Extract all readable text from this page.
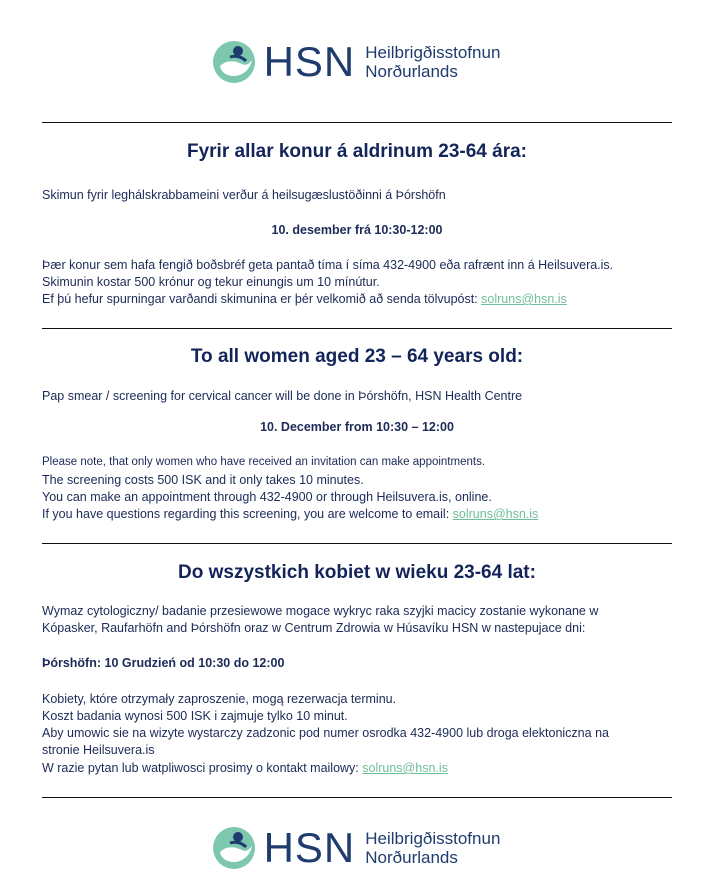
HSN Heilbrigðisstofnun
Norðurlands
Fyrir allar konur á aldrinum 23-64 ára:
Skimun fyrir leghálskrabbameini verður á heilsugæslustöðinni á Þórshöfn
10. desember frá 10:30-12:00
Þær konur sem hafa fengið boðsbréf geta pantað tíma í síma 432-4900 eða rafrænt inn á Heilsuvera.is.
Skimunin kostar 500 krónur og tekur einungis um 10 mínútur.
Ef þú hefur spurningar varðandi skimunina er þér velkomið að senda tölvupóst: solruns@hsn.is
To all women aged 23 – 64 years old:
Pap smear / screening for cervical cancer will be done in Þórshöfn, HSN Health Centre
10. December from 10:30 – 12:00
Please note, that only women who have received an invitation can make appointments.
The screening costs 500 ISK and it only takes 10 minutes.
You can make an appointment through 432-4900 or through Heilsuvera.is, online.
If you have questions regarding this screening, you are welcome to email: solruns@hsn.is
Do wszystkich kobiet w wieku 23-64 lat:
Wymaz cytologiczny/ badanie przesiewowe mogace wykryc raka szyjki macicy zostanie wykonane w
Kópasker, Raufarhöfn and Þórshöfn oraz w Centrum Zdrowia w Húsavíku HSN w nastepujace dni:
Þórshöfn: 10 Grudzień od 10:30 do 12:00
Kobiety, które otrzymały zaproszenie, mogą rezerwacja terminu.
Koszt badania wynosi 500 ISK i zajmuje tylko 10 minut.
Aby umowic sie na wizyte wystarczy zadzonic pod numer osrodka 432-4900 lub droga elektoniczna na
stronie Heilsuvera.is
W razie pytan lub watpliwosci prosimy o kontakt mailowy: solruns@hsn.is
HSN Heilbrigðisstofnun
Norðurlands
